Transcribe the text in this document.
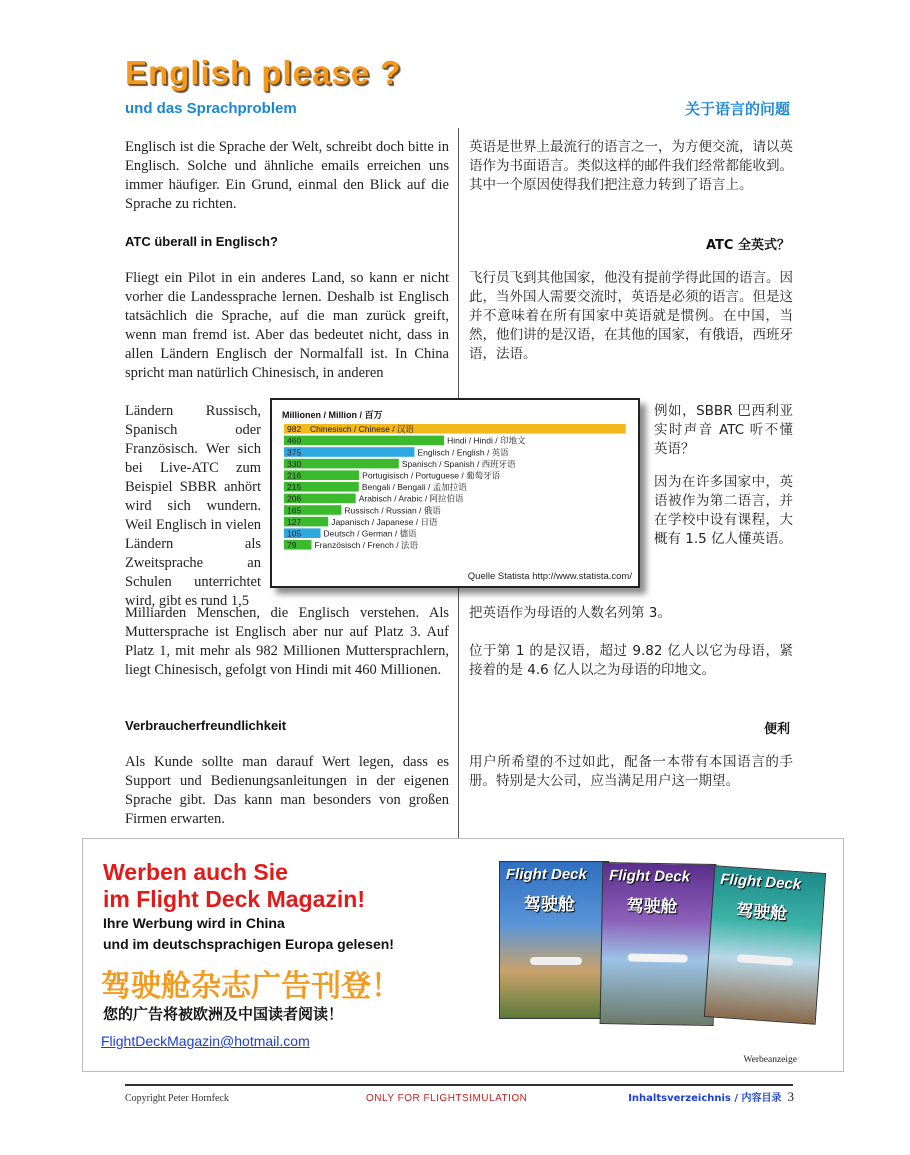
English please ?
und das Sprachproblem	关于语言的问题
Englisch ist die Sprache der Welt, schreibt doch bitte in Englisch. Solche und ähnliche emails erreichen uns immer häufiger. Ein Grund, einmal den Blick auf die Sprache zu richten.
ATC überall in Englisch?
Fliegt ein Pilot in ein anderes Land, so kann er nicht vorher die Landessprache lernen. Deshalb ist Englisch tatsächlich die Sprache, auf die man zurück greift, wenn man fremd ist. Aber das bedeutet nicht, dass in allen Ländern Englisch der Normalfall ist. In China spricht man natürlich Chinesisch, in anderen
Ländern Russisch, Spanisch oder Französisch. Wer sich bei Live-ATC zum Beispiel SBBR anhört wird sich wundern. Weil Englisch in vielen Ländern als Zweitsprache an Schulen unterrichtet wird, gibt es rund 1,5
Milliarden Menschen, die Englisch verstehen. Als Muttersprache ist Englisch aber nur auf Platz 3. Auf Platz 1, mit mehr als 982 Millionen Muttersprachlern, liegt Chinesisch, gefolgt von Hindi mit 460 Millionen.
Verbraucherfreundlichkeit
Als Kunde sollte man darauf Wert legen, dass es Support und Bedienungsanleitungen in der eigenen Sprache gibt. Das kann man besonders von großen Firmen erwarten.
英语是世界上最流行的语言之一，为方便交流，请以英语作为书面语言。类似这样的邮件我们经常都能收到。其中一个原因使得我们把注意力转到了语言上。
ATC 全英式？
飞行员飞到其他国家，他没有提前学得此国的语言。因此，当外国人需要交流时，英语是必须的语言。但是这并不意味着在所有国家中英语就是惯例。在中国，当然，他们讲的是汉语，在其他的国家，有俄语，西班牙语，法语。
例如，SBBR 巴西利亚实时声音 ATC 听不懂英语？
因为在许多国家中，英语被作为第二语言，并在学校中设有课程，大概有 1.5 亿人懂英语。
把英语作为母语的人数名列第 3。
位于第 1 的是汉语，超过 9.82 亿人以它为母语，紧接着的是 4.6 亿人以之为母语的印地文。
便利
用户所希望的不过如此，配备一本带有本国语言的手册。特别是大公司，应当满足用户这一期望。
Millionen / Million / 百万
982 Chinesisch / Chinese / 汉语
460	Hindi / Hindi / 印地文
375	Englisch / English / 英语
330	Spanisch / Spanish / 西班牙语
216	Portugisisch / Portuguese / 葡萄牙语
215	Bengali / Bengali / 孟加拉语
206	Arabisch / Arabic / 阿拉伯语
165	Russisch / Russian / 俄语
127	Japanisch / Japanese / 日语
105	Deutsch / German / 德语
79 Französisch / French / 法语
Quelle Statista http://www.statista.com/
Werben auch Sie
im Flight Deck Magazin!
Ihre Werbung wird in China
und im deutschsprachigen Europa gelesen!
驾驶舱杂志广告刊登！
您的广告将被欧洲及中国读者阅读！
FlightDeckMagazin@hotmail.com
Flight Deck
驾驶舱
Flight Deck
驾驶舱
Flight Deck
驾驶舱
Werbeanzeige
Copyright Peter Hornfeck	ONLY FOR FLIGHTSIMULATION	Inhaltsverzeichnis / 内容目录 3
